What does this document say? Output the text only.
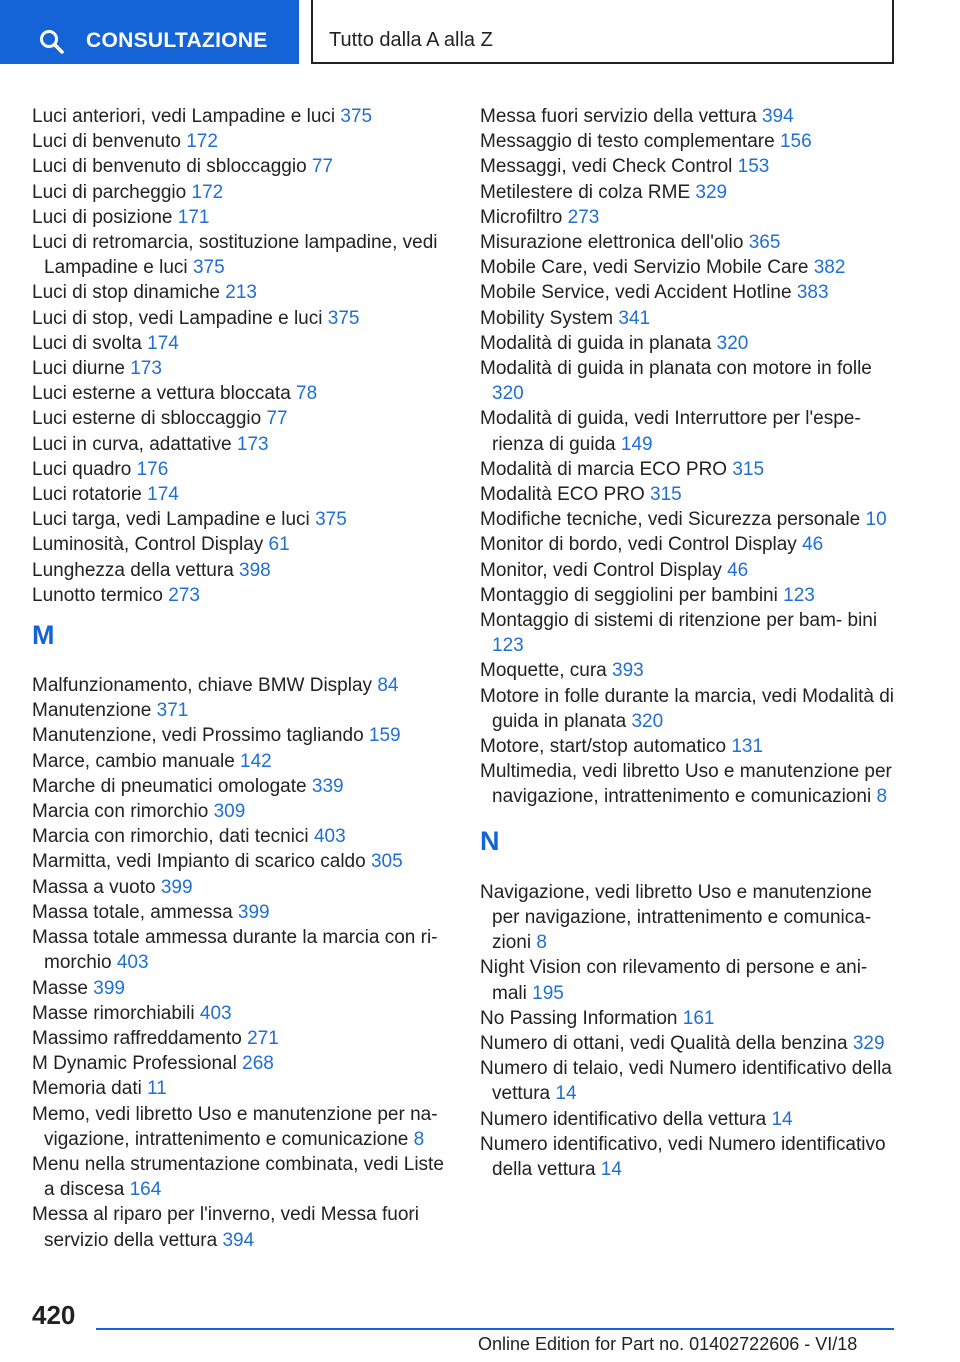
CONSULTAZIONE	Tutto dalla A alla Z
Luci anteriori, vedi Lampadine e luci 375
Luci di benvenuto 172
Luci di benvenuto di sbloccaggio 77
Luci di parcheggio 172
Luci di posizione 171
Luci di retromarcia, sostituzione lampadine, vedi Lampadine e luci 375
Luci di stop dinamiche 213
Luci di stop, vedi Lampadine e luci 375
Luci di svolta 174
Luci diurne 173
Luci esterne a vettura bloccata 78
Luci esterne di sbloccaggio 77
Luci in curva, adattative 173
Luci quadro 176
Luci rotatorie 174
Luci targa, vedi Lampadine e luci 375
Luminosità, Control Display 61
Lunghezza della vettura 398
Lunotto termico 273
M
Malfunzionamento, chiave BMW Display 84
Manutenzione 371
Manutenzione, vedi Prossimo tagliando 159
Marce, cambio manuale 142
Marche di pneumatici omologate 339
Marcia con rimorchio 309
Marcia con rimorchio, dati tecnici 403
Marmitta, vedi Impianto di scarico caldo 305
Massa a vuoto 399
Massa totale, ammessa 399
Massa totale ammessa durante la marcia con ri‐ morchio 403
Masse 399
Masse rimorchiabili 403
Massimo raffreddamento 271
M Dynamic Professional 268
Memoria dati 11
Memo, vedi libretto Uso e manutenzione per na‐ vigazione, intrattenimento e comunicazione 8
Menu nella strumentazione combinata, vedi Liste a discesa 164
Messa al riparo per l'inverno, vedi Messa fuori servizio della vettura 394
Messa fuori servizio della vettura 394
Messaggio di testo complementare 156
Messaggi, vedi Check Control 153
Metilestere di colza RME 329
Microfiltro 273
Misurazione elettronica dell'olio 365
Mobile Care, vedi Servizio Mobile Care 382
Mobile Service, vedi Accident Hotline 383
Mobility System 341
Modalità di guida in planata 320
Modalità di guida in planata con motore in folle 320
Modalità di guida, vedi Interruttore per l'espe‐ rienza di guida 149
Modalità di marcia ECO PRO 315
Modalità ECO PRO 315
Modifiche tecniche, vedi Sicurezza personale 10
Monitor di bordo, vedi Control Display 46
Monitor, vedi Control Display 46
Montaggio di seggiolini per bambini 123
Montaggio di sistemi di ritenzione per bam‐ bini 123
Moquette, cura 393
Motore in folle durante la marcia, vedi Modalità di guida in planata 320
Motore, start/stop automatico 131
Multimedia, vedi libretto Uso e manutenzione per navigazione, intrattenimento e comunicazioni 8
N
Navigazione, vedi libretto Uso e manutenzione per navigazione, intrattenimento e comunica‐ zioni 8
Night Vision con rilevamento di persone e ani‐ mali 195
No Passing Information 161
Numero di ottani, vedi Qualità della benzina 329
Numero di telaio, vedi Numero identificativo della vettura 14
Numero identificativo della vettura 14
Numero identificativo, vedi Numero identificativo della vettura 14
420
Online Edition for Part no. 01402722606 - VI/18
